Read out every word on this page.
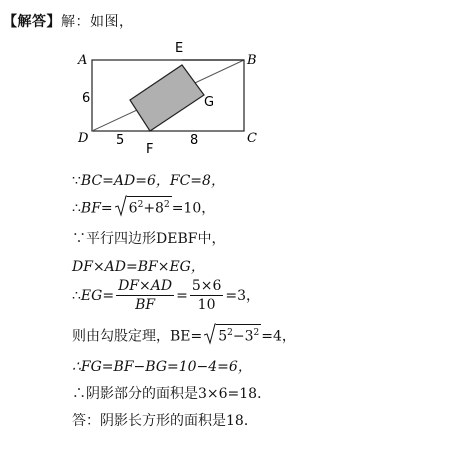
【解答】解：如图，
A	B
C
D
E
F
G
6
5	8
∵BC=AD=6，FC=8，
∴BF= $6^2+8^2 =10$，
∵平行四边形DEBF中，
DF×AD=BF×EG，
∴EG= $\frac{DF\times AD}{BF} = \frac{5\times 6}{10} =3$，
则由勾股定理，$BE= 5^2-3^2 =4$，
∴FG=BF−BG=10−4=6，
∴阴影部分的面积是3×6=18．
答：阴影长方形的面积是18．
